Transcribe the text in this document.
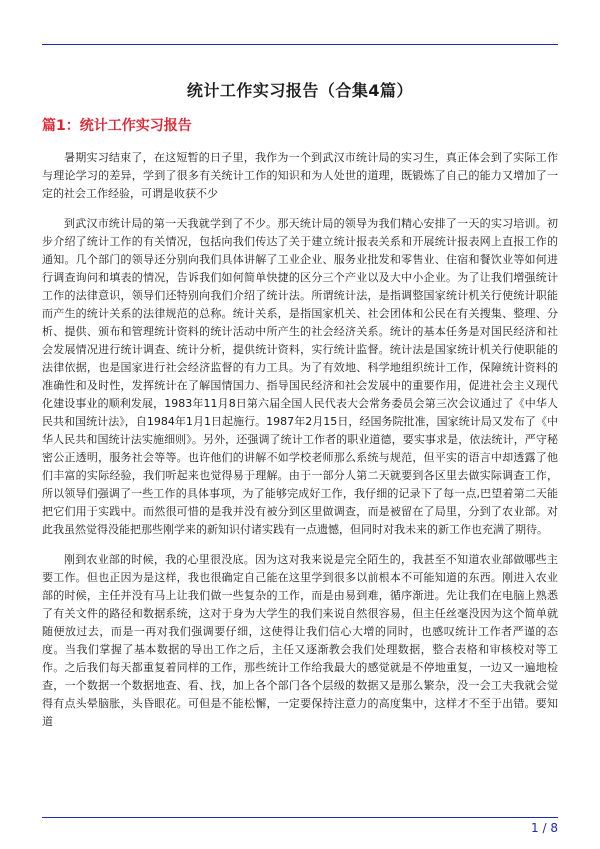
统计工作实习报告（合集4篇）
篇1：统计工作实习报告

暑期实习结束了，在这短暂的日子里，我作为一个到武汉市统计局的实习生，真正体会到了实际工作与理论学习的差异，学到了很多有关统计工作的知识和为人处世的道理，既锻炼了自己的能力又增加了一定的社会工作经验，可谓是收获不少

到武汉市统计局的第一天我就学到了不少。那天统计局的领导为我们精心安排了一天的实习培训。初步介绍了统计工作的有关情况，包括向我们传达了关于建立统计报表关系和开展统计报表网上直报工作的通知。几个部门的领导还分别向我们具体讲解了工业企业、服务业批发和零售业、住宿和餐饮业等如何进行调查询问和填表的情况，告诉我们如何简单快捷的区分三个产业以及大中小企业。为了让我们增强统计工作的法律意识，领导们还特别向我们介绍了统计法。所谓统计法，是指调整国家统计机关行使统计职能而产生的统计关系的法律规范的总称。统计关系，是指国家机关、社会团体和公民在有关搜集、整理、分析、提供、颁布和管理统计资料的统计活动中所产生的社会经济关系。统计的基本任务是对国民经济和社会发展情况进行统计调查、统计分析，提供统计资料，实行统计监督。统计法是国家统计机关行使职能的法律依据，也是国家进行社会经济监督的有力工具。为了有效地、科学地组织统计工作，保障统计资料的准确性和及时性，发挥统计在了解国情国力、指导国民经济和社会发展中的重要作用，促进社会主义现代化建设事业的顺利发展，1983年11月8日第六届全国人民代表大会常务委员会第三次会议通过了《中华人民共和国统计法》，自1984年1月1日起施行。1987年2月15日，经国务院批准，国家统计局又发布了《中华人民共和国统计法实施细则》。另外，还强调了统计工作者的职业道德，要实事求是，依法统计，严守秘密公正透明，服务社会等等。也许他们的讲解不如学校老师那么系统与规范，但平实的语言中却透露了他们丰富的实际经验，我们听起来也觉得易于理解。由于一部分人第二天就要到各区里去做实际调查工作，所以领导们强调了一些工作的具体事项，为了能够完成好工作，我仔细的记录下了每一点,巴望着第二天能把它们用于实践中。而然很可惜的是我并没有被分到区里做调查，而是被留在了局里，分到了农业部。对此我虽然觉得没能把那些刚学来的新知识付诸实践有一点遗憾，但同时对我未来的新工作也充满了期待。

刚到农业部的时候，我的心里很没底。因为这对我来说是完全陌生的，我甚至不知道农业部做哪些主要工作。但也正因为是这样，我也很确定自己能在这里学到很多以前根本不可能知道的东西。刚进入农业部的时候，主任并没有马上让我们做一些复杂的工作，而是由易到难，循序渐进。先让我们在电脑上熟悉了有关文件的路径和数据系统，这对于身为大学生的我们来说自然很容易，但主任丝毫没因为这个简单就随便放过去，而是一再对我们强调要仔细，这使得让我们信心大增的同时，也感叹统计工作者严谨的态度。当我们掌握了基本数据的导出工作之后，主任又逐渐教会我们处理数据，整合表格和审核校对等工作。之后我们每天都重复着同样的工作，那些统计工作给我最大的感觉就是不停地重复，一边又一遍地检查，一个数据一个数据地查、看、找，加上各个部门各个层级的数据又是那么繁杂，没一会工夫我就会觉得有点头晕脑胀，头昏眼花。可但是不能松懈，一定要保持注意力的高度集中，这样才不至于出错。要知道

1 / 8
